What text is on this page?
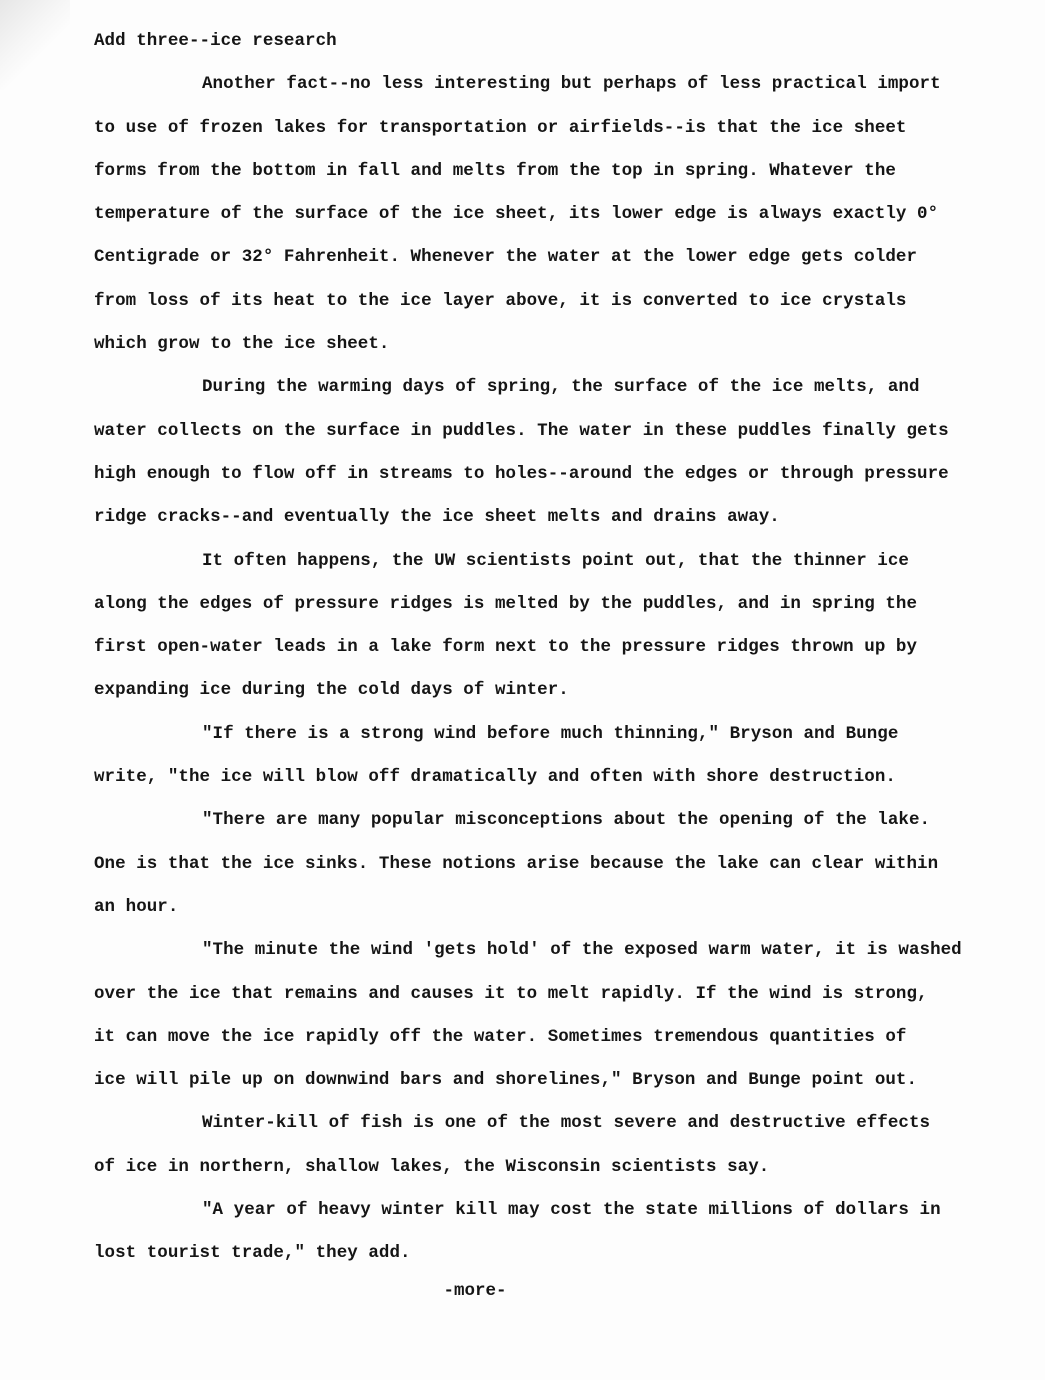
Add three--ice research

Another fact--no less interesting but perhaps of less practical import
to use of frozen lakes for transportation or airfields--is that the ice sheet
forms from the bottom in fall and melts from the top in spring. Whatever the
temperature of the surface of the ice sheet, its lower edge is always exactly 0°
Centigrade or 32° Fahrenheit. Whenever the water at the lower edge gets colder
from loss of its heat to the ice layer above, it is converted to ice crystals
which grow to the ice sheet.
During the warming days of spring, the surface of the ice melts, and
water collects on the surface in puddles. The water in these puddles finally gets
high enough to flow off in streams to holes--around the edges or through pressure
ridge cracks--and eventually the ice sheet melts and drains away.
It often happens, the UW scientists point out, that the thinner ice
along the edges of pressure ridges is melted by the puddles, and in spring the
first open-water leads in a lake form next to the pressure ridges thrown up by
expanding ice during the cold days of winter.
"If there is a strong wind before much thinning," Bryson and Bunge
write, "the ice will blow off dramatically and often with shore destruction.
"There are many popular misconceptions about the opening of the lake.
One is that the ice sinks. These notions arise because the lake can clear within
an hour.
"The minute the wind 'gets hold' of the exposed warm water, it is washed
over the ice that remains and causes it to melt rapidly. If the wind is strong,
it can move the ice rapidly off the water. Sometimes tremendous quantities of
ice will pile up on downwind bars and shorelines," Bryson and Bunge point out.
Winter-kill of fish is one of the most severe and destructive effects
of ice in northern, shallow lakes, the Wisconsin scientists say.
"A year of heavy winter kill may cost the state millions of dollars in
lost tourist trade," they add.
-more-
